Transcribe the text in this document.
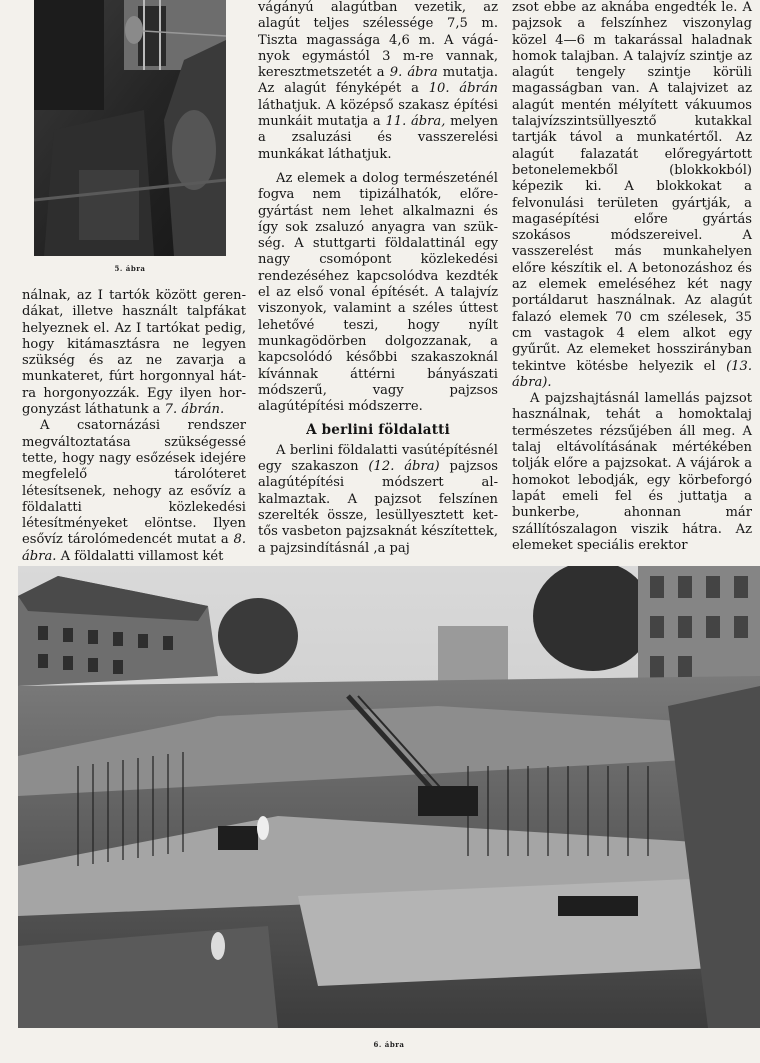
5. ábra

nálnak, az I tartók között gerendákat, illetve használt talpfákat helyeznek el. Az I tartókat pedig, hogy kitámasztásra ne legyen szükség és az ne zavarja a munkateret, fúrt horgonnyal hátra horgonyozzák. Egy ilyen horgonyzást láthatunk a 7. ábrán.

A csatornázási rendszer megváltoztatása szükségessé tette, hogy nagy esőzések idejére megfelelő tárolóteret létesítsenek, nehogy az esővíz a földalatti közlekedési létesítményeket elöntse. Ilyen esővíz tárolómedencét mutat a 8. ábra. A földalatti villamost két

vágányú alagútban vezetik, az alagút teljes szélessége 7,5 m. Tiszta magassága 4,6 m. A vágányok egymástól 3 m-re vannak, keresztmetszetét a 9. ábra mutatja. Az alagút fényképét a 10. ábrán láthatjuk. A középső szakasz építési munkáit mutatja a 11. ábra, melyen a zsaluzási és vasszerelési munkákat láthatjuk.

Az elemek a dolog természeténél fogva nem tipizálhatók, előregyártást nem lehet alkalmazni és így sok zsaluzó anyagra van szükség. A stuttgarti földalattinál egy nagy csomópont közlekedési rendezéséhez kapcsolódva kezdték el az első vonal építését. A talajvíz viszonyok, valamint a széles úttest lehetővé teszi, hogy nyílt munkagödörben dolgozzanak, a kapcsolódó későbbi szakaszoknál kívánnak áttérni bányászati módszerű, vagy pajzsos alagútépítési módszerre.

A berlini földalatti

A berlini földalatti vasútépítésnél egy szakaszon (12. ábra) pajzsos alagútépítési módszert alkalmaztak. A pajzsot felszínen szerelték össze, lesüllyesztett kettős vasbeton pajzsaknát készítettek, a pajzsindításnál ,a paj

zsot ebbe az aknába engedték le. A pajzsok a felszínhez viszonylag közel 4—6 m takarással haladnak homok talajban. A talajvíz szintje az alagút tengely szintje körüli magasságban van. A talajvizet az alagút mentén mélyített vákuumos talajvízszintsüllyesztő kutakkal tartják távol a munkatértől. Az alagút falazatát előregyártott betonelemekből (blokkokból) képezik ki. A blokkokat a felvonulási területen gyártják, a magasépítési előre gyártás szokásos módszereivel. A vasszerelést más munkahelyen előre készítik el. A betonozáshoz és az elemek emeléséhez két nagy portáldarut használnak. Az alagút falazó elemek 70 cm szélesek, 35 cm vastagok 4 elem alkot egy gyűrűt. Az elemeket hosszirányban tekintve kötésbe helyezik el (13. ábra).

A pajzshajtásnál lamellás pajzsot használnak, tehát a homoktalaj természetes rézsűjében áll meg. A talaj eltávolításának mértékében tolják előre a pajzsokat. A vájárok a homokot lebodják, egy körbeforgó lapát emeli fel és juttatja a bunkerbe, ahonnan már szállítószalagon viszik hátra. Az elemeket speciális erektor

6. ábra
